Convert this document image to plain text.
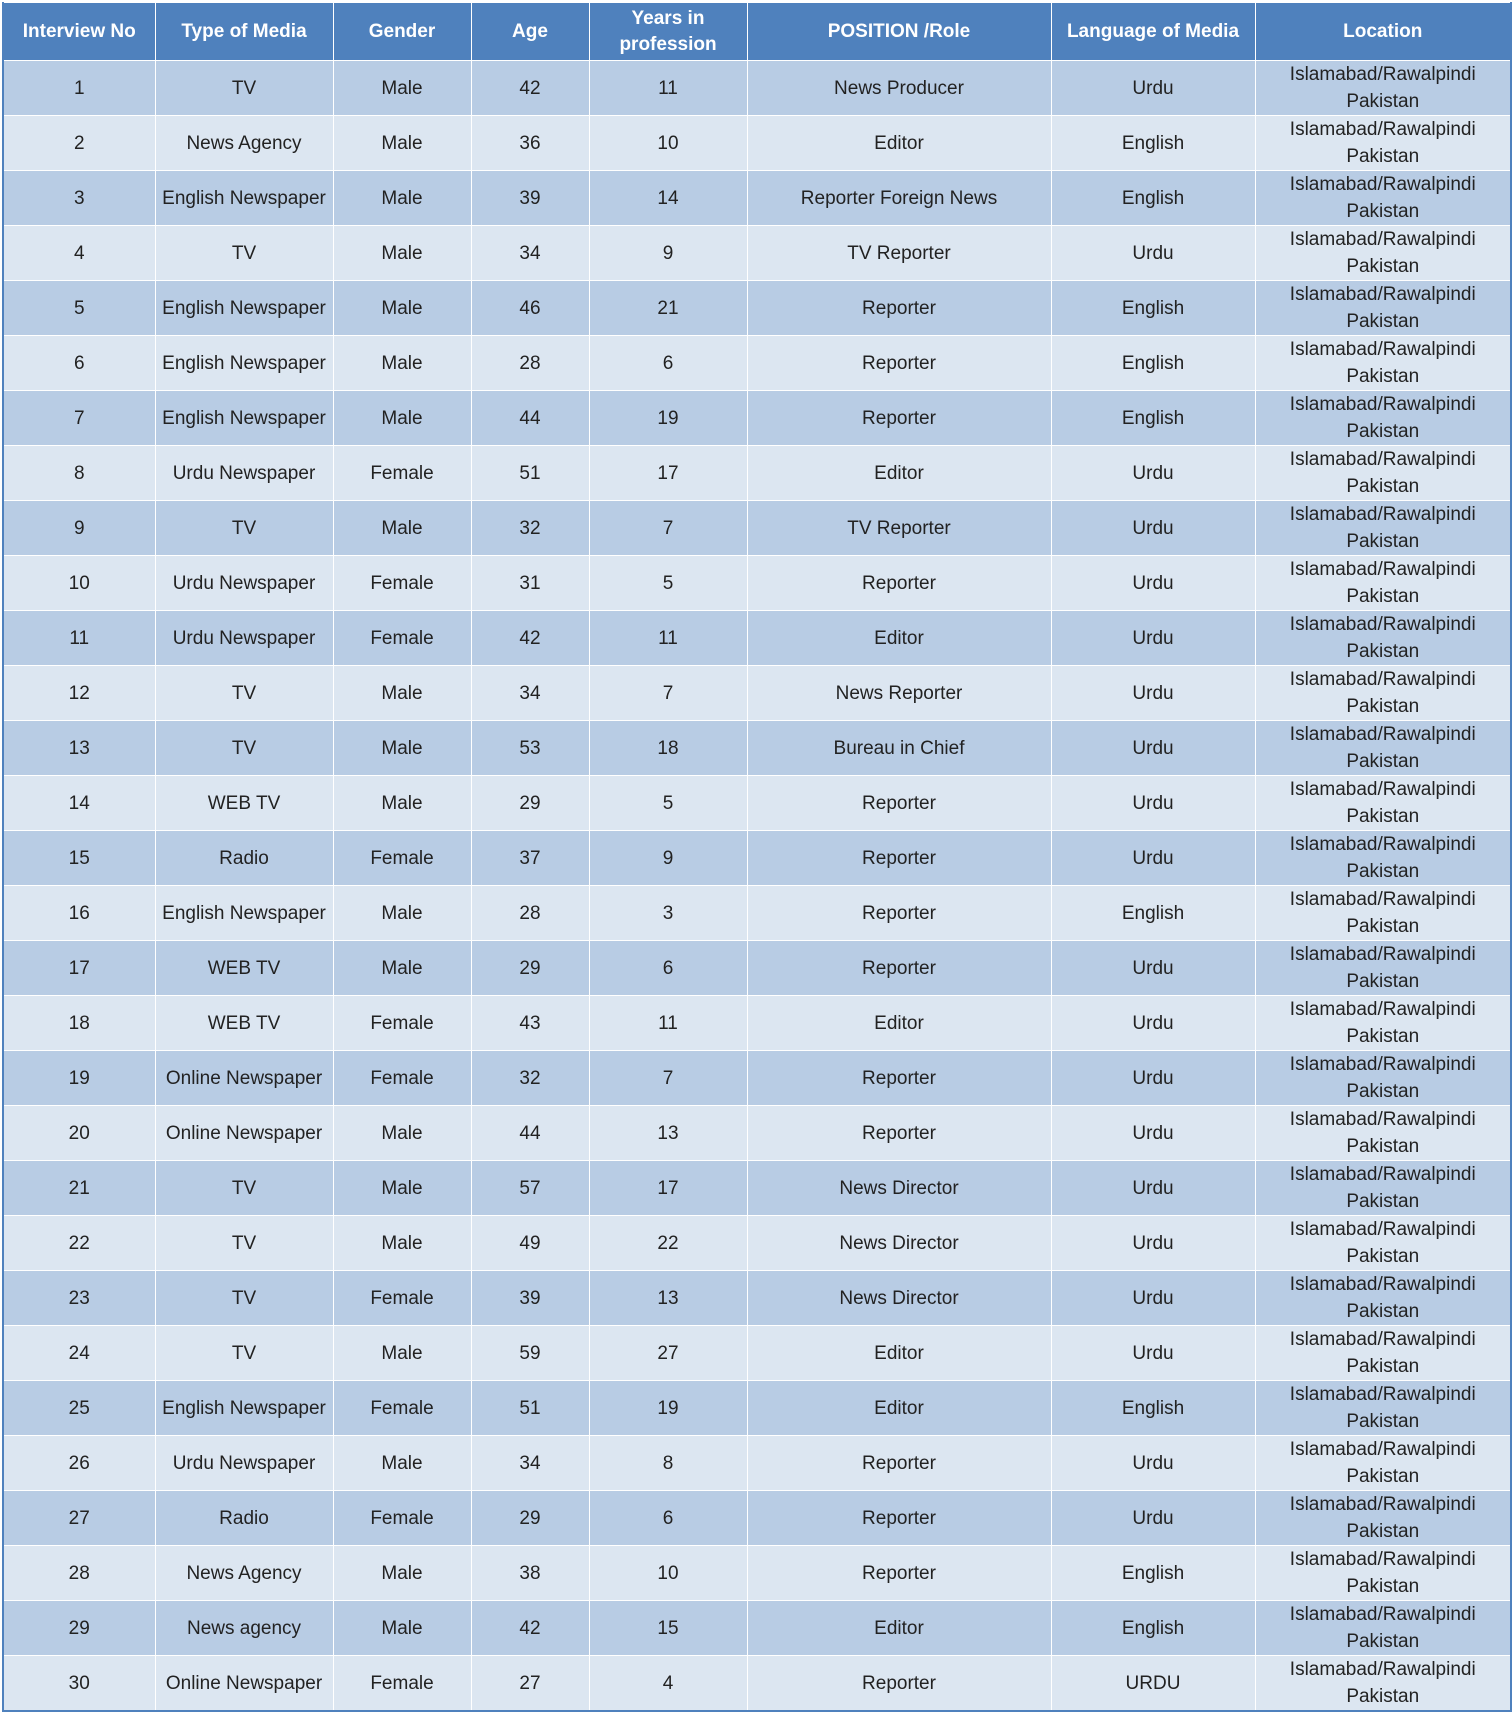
Interview No	Type of Media	Gender	Age	Years in profession	POSITION /Role	Language of Media	Location
1	TV	Male	42	11	News Producer	Urdu	Islamabad/Rawalpindi Pakistan
2	News Agency	Male	36	10	Editor	English	Islamabad/Rawalpindi Pakistan
3	English Newspaper	Male	39	14	Reporter Foreign News	English	Islamabad/Rawalpindi Pakistan
4	TV	Male	34	9	TV Reporter	Urdu	Islamabad/Rawalpindi Pakistan
5	English Newspaper	Male	46	21	Reporter	English	Islamabad/Rawalpindi Pakistan
6	English Newspaper	Male	28	6	Reporter	English	Islamabad/Rawalpindi Pakistan
7	English Newspaper	Male	44	19	Reporter	English	Islamabad/Rawalpindi Pakistan
8	Urdu Newspaper	Female	51	17	Editor	Urdu	Islamabad/Rawalpindi Pakistan
9	TV	Male	32	7	TV Reporter	Urdu	Islamabad/Rawalpindi Pakistan
10	Urdu Newspaper	Female	31	5	Reporter	Urdu	Islamabad/Rawalpindi Pakistan
11	Urdu Newspaper	Female	42	11	Editor	Urdu	Islamabad/Rawalpindi Pakistan
12	TV	Male	34	7	News Reporter	Urdu	Islamabad/Rawalpindi Pakistan
13	TV	Male	53	18	Bureau in Chief	Urdu	Islamabad/Rawalpindi Pakistan
14	WEB TV	Male	29	5	Reporter	Urdu	Islamabad/Rawalpindi Pakistan
15	Radio	Female	37	9	Reporter	Urdu	Islamabad/Rawalpindi Pakistan
16	English Newspaper	Male	28	3	Reporter	English	Islamabad/Rawalpindi Pakistan
17	WEB TV	Male	29	6	Reporter	Urdu	Islamabad/Rawalpindi Pakistan
18	WEB TV	Female	43	11	Editor	Urdu	Islamabad/Rawalpindi Pakistan
19	Online Newspaper	Female	32	7	Reporter	Urdu	Islamabad/Rawalpindi Pakistan
20	Online Newspaper	Male	44	13	Reporter	Urdu	Islamabad/Rawalpindi Pakistan
21	TV	Male	57	17	News Director	Urdu	Islamabad/Rawalpindi Pakistan
22	TV	Male	49	22	News Director	Urdu	Islamabad/Rawalpindi Pakistan
23	TV	Female	39	13	News Director	Urdu	Islamabad/Rawalpindi Pakistan
24	TV	Male	59	27	Editor	Urdu	Islamabad/Rawalpindi Pakistan
25	English Newspaper	Female	51	19	Editor	English	Islamabad/Rawalpindi Pakistan
26	Urdu Newspaper	Male	34	8	Reporter	Urdu	Islamabad/Rawalpindi Pakistan
27	Radio	Female	29	6	Reporter	Urdu	Islamabad/Rawalpindi Pakistan
28	News Agency	Male	38	10	Reporter	English	Islamabad/Rawalpindi Pakistan
29	News agency	Male	42	15	Editor	English	Islamabad/Rawalpindi Pakistan
30	Online Newspaper	Female	27	4	Reporter	URDU	Islamabad/Rawalpindi Pakistan
